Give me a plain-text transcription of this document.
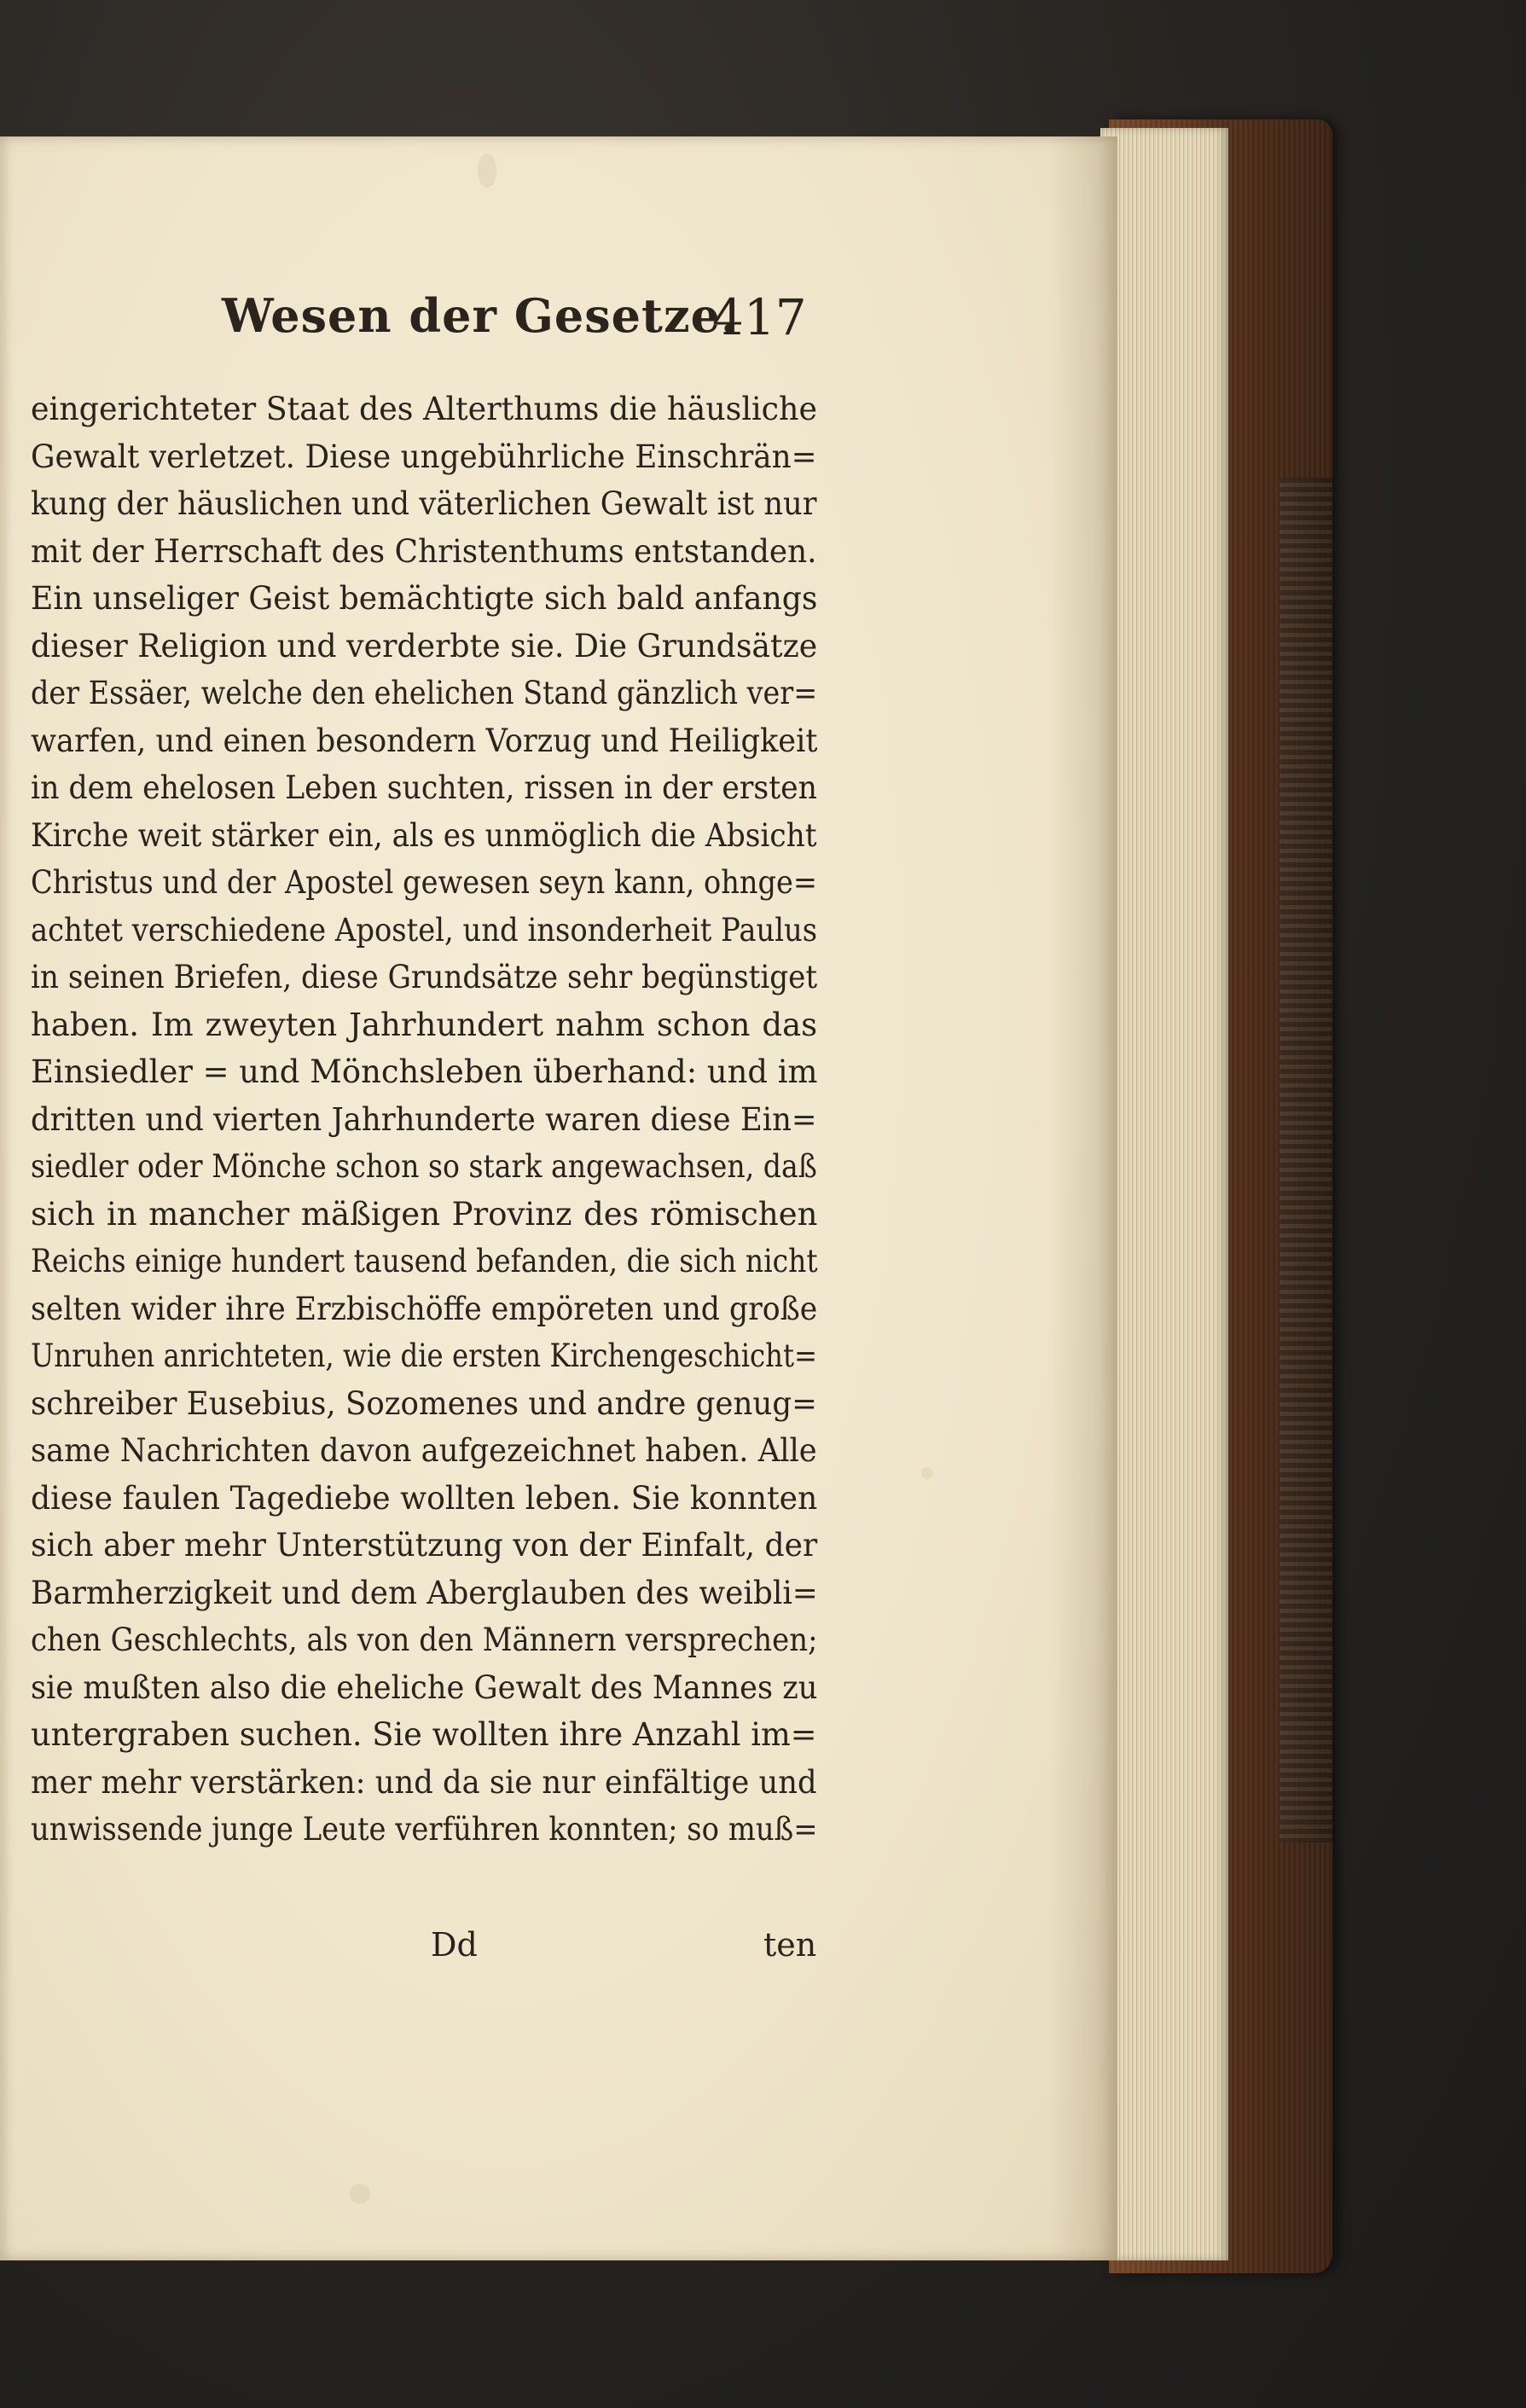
Wesen der Gesetze.
417
eingerichteter Staat des Alterthums die häusliche
Gewalt verletzet. Diese ungebührliche Einschrän=
kung der häuslichen und väterlichen Gewalt ist nur
mit der Herrschaft des Christenthums entstanden.
Ein unseliger Geist bemächtigte sich bald anfangs
dieser Religion und verderbte sie. Die Grundsätze
der Essäer, welche den ehelichen Stand gänzlich ver=
warfen, und einen besondern Vorzug und Heiligkeit
in dem ehelosen Leben suchten, rissen in der ersten
Kirche weit stärker ein, als es unmöglich die Absicht
Christus und der Apostel gewesen seyn kann, ohnge=
achtet verschiedene Apostel, und insonderheit Paulus
in seinen Briefen, diese Grundsätze sehr begünstiget
haben. Im zweyten Jahrhundert nahm schon das
Einsiedler = und Mönchsleben überhand: und im
dritten und vierten Jahrhunderte waren diese Ein=
siedler oder Mönche schon so stark angewachsen, daß
sich in mancher mäßigen Provinz des römischen
Reichs einige hundert tausend befanden, die sich nicht
selten wider ihre Erzbischöffe empöreten und große
Unruhen anrichteten, wie die ersten Kirchengeschicht=
schreiber Eusebius, Sozomenes und andre genug=
same Nachrichten davon aufgezeichnet haben. Alle
diese faulen Tagediebe wollten leben. Sie konnten
sich aber mehr Unterstützung von der Einfalt, der
Barmherzigkeit und dem Aberglauben des weibli=
chen Geschlechts, als von den Männern versprechen;
sie mußten also die eheliche Gewalt des Mannes zu
untergraben suchen. Sie wollten ihre Anzahl im=
mer mehr verstärken: und da sie nur einfältige und
unwissende junge Leute verführen konnten; so muß=
Dd	ten
